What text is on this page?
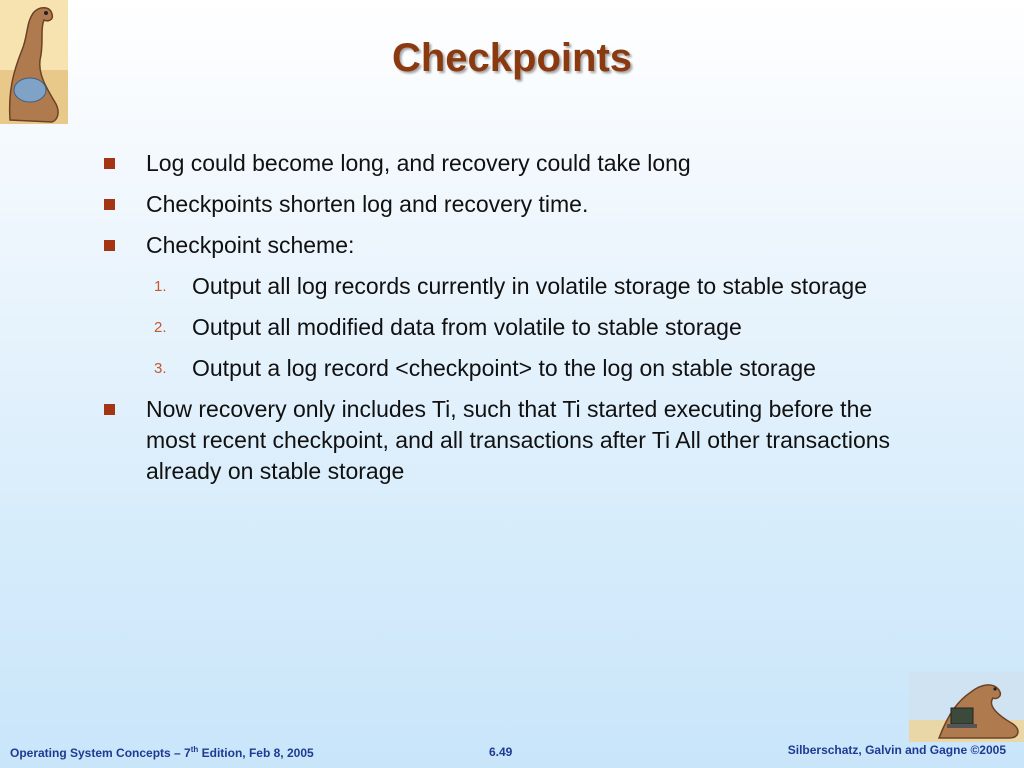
Checkpoints
Log could become long, and recovery could take long
Checkpoints shorten log and recovery time.
Checkpoint scheme:
1. Output all log records currently in volatile storage to stable storage
2. Output all modified data from volatile to stable storage
3. Output a log record <checkpoint> to the log on stable storage
Now recovery only includes Ti, such that Ti started executing before the most recent checkpoint, and all transactions after Ti All other transactions already on stable storage
Operating System Concepts – 7th Edition, Feb 8, 2005	6.49	Silberschatz, Galvin and Gagne ©2005
